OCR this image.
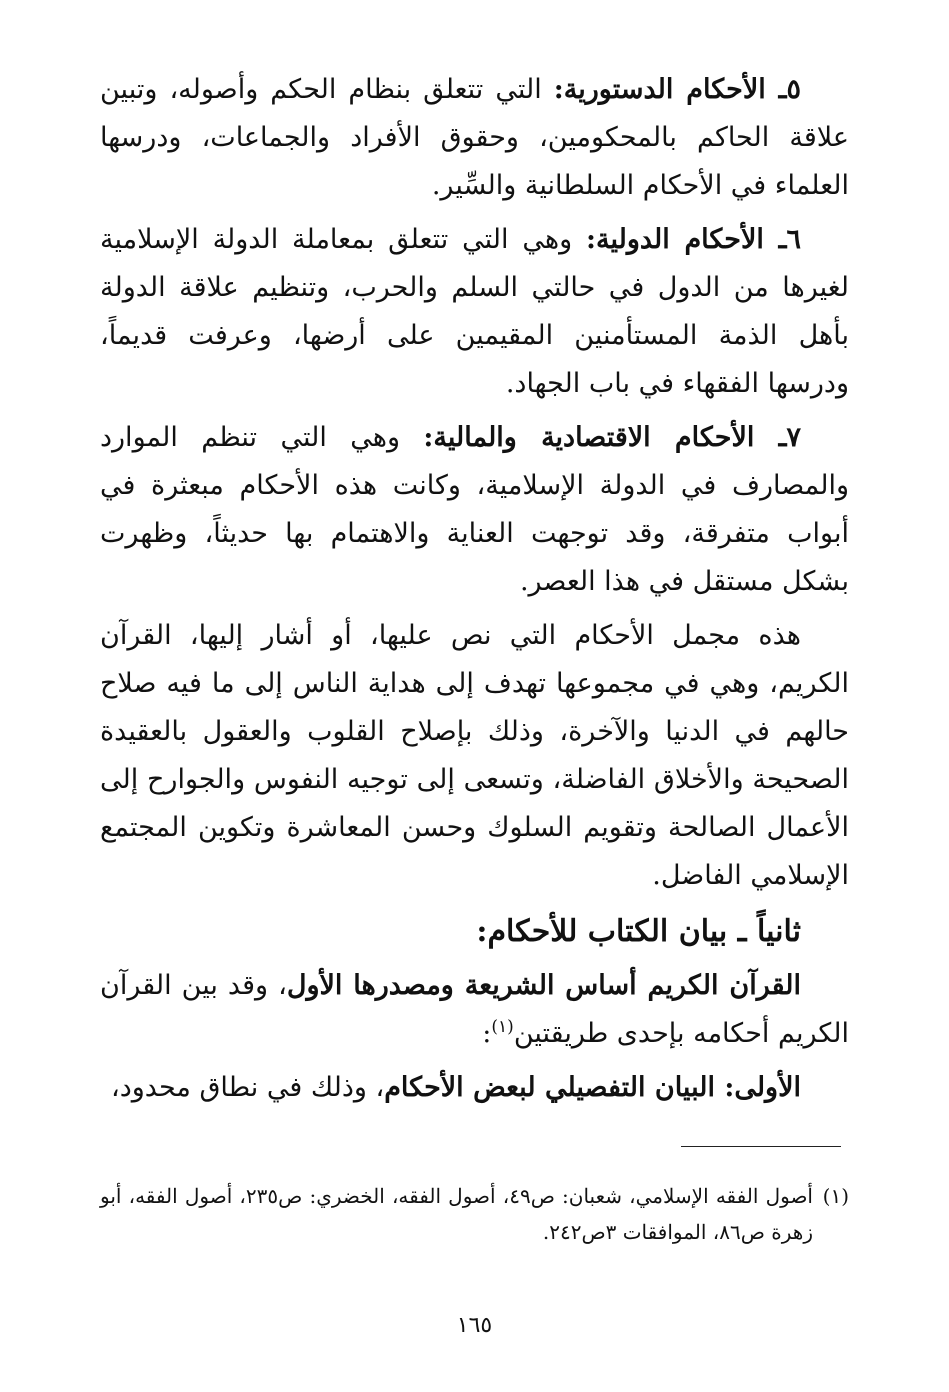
٥ـ الأحكام الدستورية: التي تتعلق بنظام الحكم وأصوله، وتبين علاقة الحاكم بالمحكومين، وحقوق الأفراد والجماعات، ودرسها العلماء في الأحكام السلطانية والسِّير.

٦ـ الأحكام الدولية: وهي التي تتعلق بمعاملة الدولة الإسلامية لغيرها من الدول في حالتي السلم والحرب، وتنظيم علاقة الدولة بأهل الذمة المستأمنين المقيمين على أرضها، وعرفت قديماً، ودرسها الفقهاء في باب الجهاد.

٧ـ الأحكام الاقتصادية والمالية: وهي التي تنظم الموارد والمصارف في الدولة الإسلامية، وكانت هذه الأحكام مبعثرة في أبواب متفرقة، وقد توجهت العناية والاهتمام بها حديثاً، وظهرت بشكل مستقل في هذا العصر.

هذه مجمل الأحكام التي نص عليها، أو أشار إليها، القرآن الكريم، وهي في مجموعها تهدف إلى هداية الناس إلى ما فيه صلاح حالهم في الدنيا والآخرة، وذلك بإصلاح القلوب والعقول بالعقيدة الصحيحة والأخلاق الفاضلة، وتسعى إلى توجيه النفوس والجوارح إلى الأعمال الصالحة وتقويم السلوك وحسن المعاشرة وتكوين المجتمع الإسلامي الفاضل.

ثانياً ـ بيان الكتاب للأحكام:

القرآن الكريم أساس الشريعة ومصدرها الأول، وقد بين القرآن الكريم أحكامه بإحدى طريقتين$^{(١)}$:

الأولى: البيان التفصيلي لبعض الأحكام، وذلك في نطاق محدود،

(١)
أصول الفقه الإسلامي، شعبان: ص٤٩، أصول الفقه، الخضري: ص٢٣٥، أصول الفقه، أبو زهرة ص٨٦، الموافقات ٣ص٢٤٢.
١٦٥
